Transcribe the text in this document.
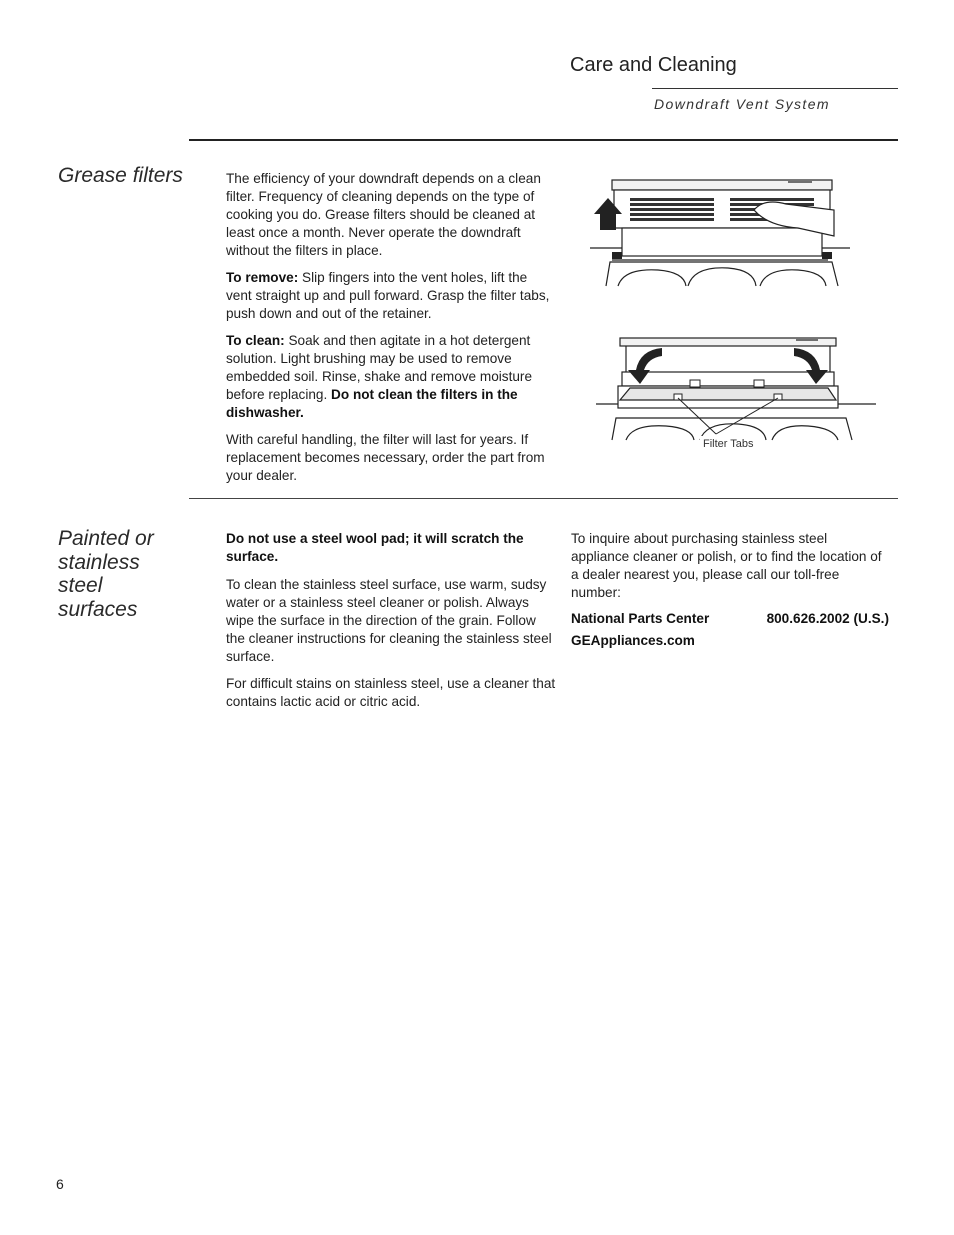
Care and Cleaning
Downdraft Vent System
Grease filters	The efficiency of your downdraft depends on a clean filter. Frequency of cleaning depends on the type of cooking you do. Grease filters should be cleaned at least once a month. Never operate the downdraft without the filters in place.

To remove: Slip fingers into the vent holes, lift the vent straight up and pull forward. Grasp the filter tabs, push down and out of the retainer.

To clean: Soak and then agitate in a hot detergent solution. Light brushing may be used to remove embedded soil. Rinse, shake and remove moisture before replacing. Do not clean the filters in the dishwasher.

With careful handling, the filter will last for years. If replacement becomes necessary, order the part from your dealer.

Filter Tabs
Painted or
stainless
steel
surfaces

Do not use a steel wool pad; it will scratch the surface.

To clean the stainless steel surface, use warm, sudsy water or a stainless steel cleaner or polish. Always wipe the surface in the direction of the grain. Follow the cleaner instructions for cleaning the stainless steel surface.

For difficult stains on stainless steel, use a cleaner that contains lactic acid or citric acid.

To inquire about purchasing stainless steel appliance cleaner or polish, or to find the location of a dealer nearest you, please call our toll-free number:

National Parts Center	800.626.2002 (U.S.)
GEAppliances.com
6
